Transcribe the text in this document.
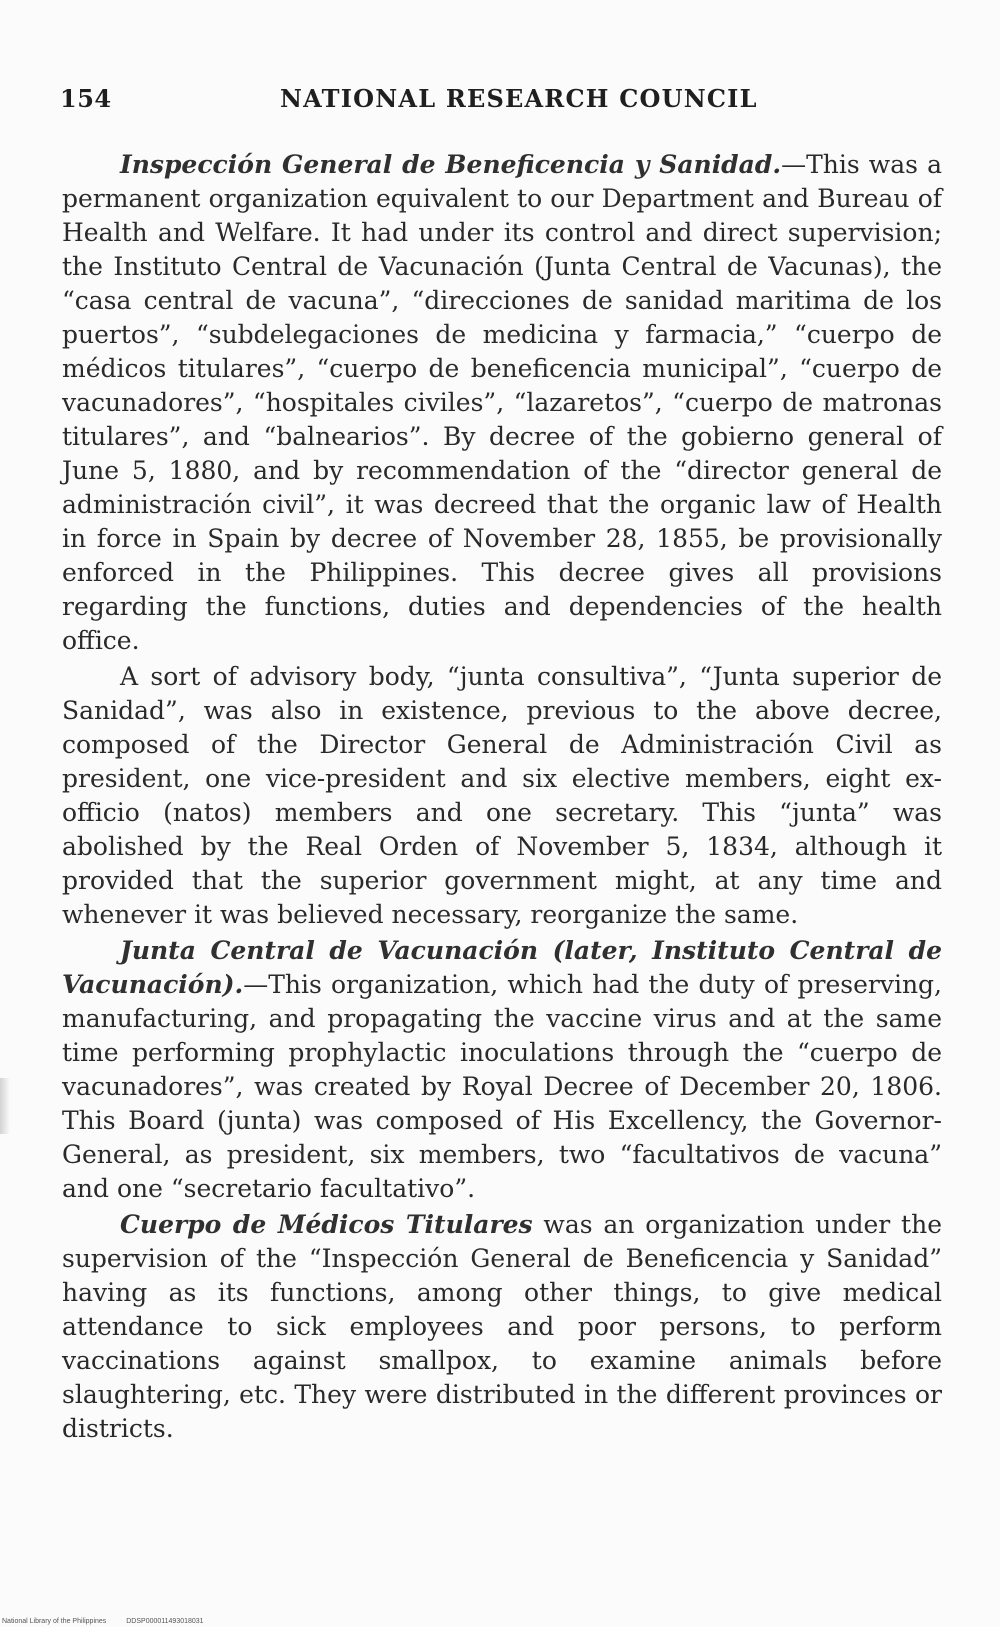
154	NATIONAL RESEARCH COUNCIL

Inspección General de Beneficencia y Sanidad.—This was a permanent organization equivalent to our Department and Bureau of Health and Welfare. It had under its control and direct supervision; the Instituto Central de Vacunación (Junta Central de Vacunas), the “casa central de vacuna”, “direcciones de sanidad maritima de los puertos”, “subdelegaciones de medicina y farmacia,” “cuerpo de médicos titulares”, “cuerpo de beneficencia municipal”, “cuerpo de vacunadores”, “hospitales civiles”, “lazaretos”, “cuerpo de matronas titulares”, and “balnearios”. By decree of the gobierno general of June 5, 1880, and by recommendation of the “director general de administración civil”, it was decreed that the organic law of Health in force in Spain by decree of November 28, 1855, be provisionally enforced in the Philippines. This decree gives all provisions regarding the functions, duties and dependencies of the health office.

A sort of advisory body, “junta consultiva”, “Junta superior de Sanidad”, was also in existence, previous to the above decree, composed of the Director General de Administración Civil as president, one vice-president and six elective members, eight ex-officio (natos) members and one secretary. This “junta” was abolished by the Real Orden of November 5, 1834, although it provided that the superior government might, at any time and whenever it was believed necessary, reorganize the same.

Junta Central de Vacunación (later, Instituto Central de Vacunación).—This organization, which had the duty of preserving, manufacturing, and propagating the vaccine virus and at the same time performing prophylactic inoculations through the “cuerpo de vacunadores”, was created by Royal Decree of December 20, 1806. This Board (junta) was composed of His Excellency, the Governor-General, as president, six members, two “facultativos de vacuna” and one “secretario facultativo”.

Cuerpo de Médicos Titulares was an organization under the supervision of the “Inspección General de Beneficencia y Sanidad” having as its functions, among other things, to give medical attendance to sick employees and poor persons, to perform vaccinations against smallpox, to examine animals before slaughtering, etc. They were distributed in the different provinces or districts.

National Library of the Philippines	DDSP000011493018031
